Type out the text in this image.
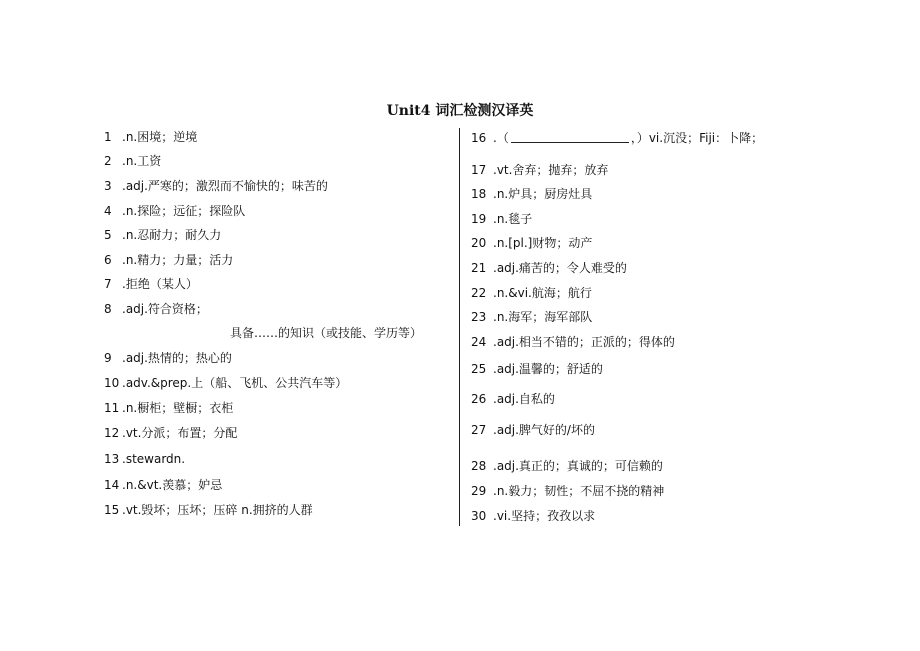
Unit4 词汇检测汉译英
1 .n.困境；逆境
2 .n.工资
3 .adj.严寒的；激烈而不愉快的；味苦的
4 .n.探险；远征；探险队
5 .n.忍耐力；耐久力
6 .n.精力；力量；活力
7 .拒绝（某人）
8 .adj.符合资格；
具备……的知识（或技能、学历等）
9 .adj.热情的；热心的
10 .adv.&prep.上（船、飞机、公共汽车等）
11 .n.橱柜；壁橱；衣柜
12 .vt.分派；布置；分配
13 .stewardn.
14 .n.&vt.羡慕；妒忌
15 .vt.毁坏；压坏；压碎 n.拥挤的人群
16 .（	，）vi.沉没；Fiji：卜降；
17 .vt.舍弃；抛弃；放弃
18 .n.炉具；厨房灶具
19 .n.毯子
20 .n.[pl.]财物；动产
21 .adj.痛苦的；令人难受的
22 .n.&vi.航海；航行
23 .n.海军；海军部队
24 .adj.相当不错的；正派的；得体的
25 .adj.温馨的；舒适的
26 .adj.自私的
27 .adj.脾气好的/坏的
28 .adj.真正的；真诚的；可信赖的
29 .n.毅力；韧性；不屈不挠的精神
30 .vi.坚持；孜孜以求
